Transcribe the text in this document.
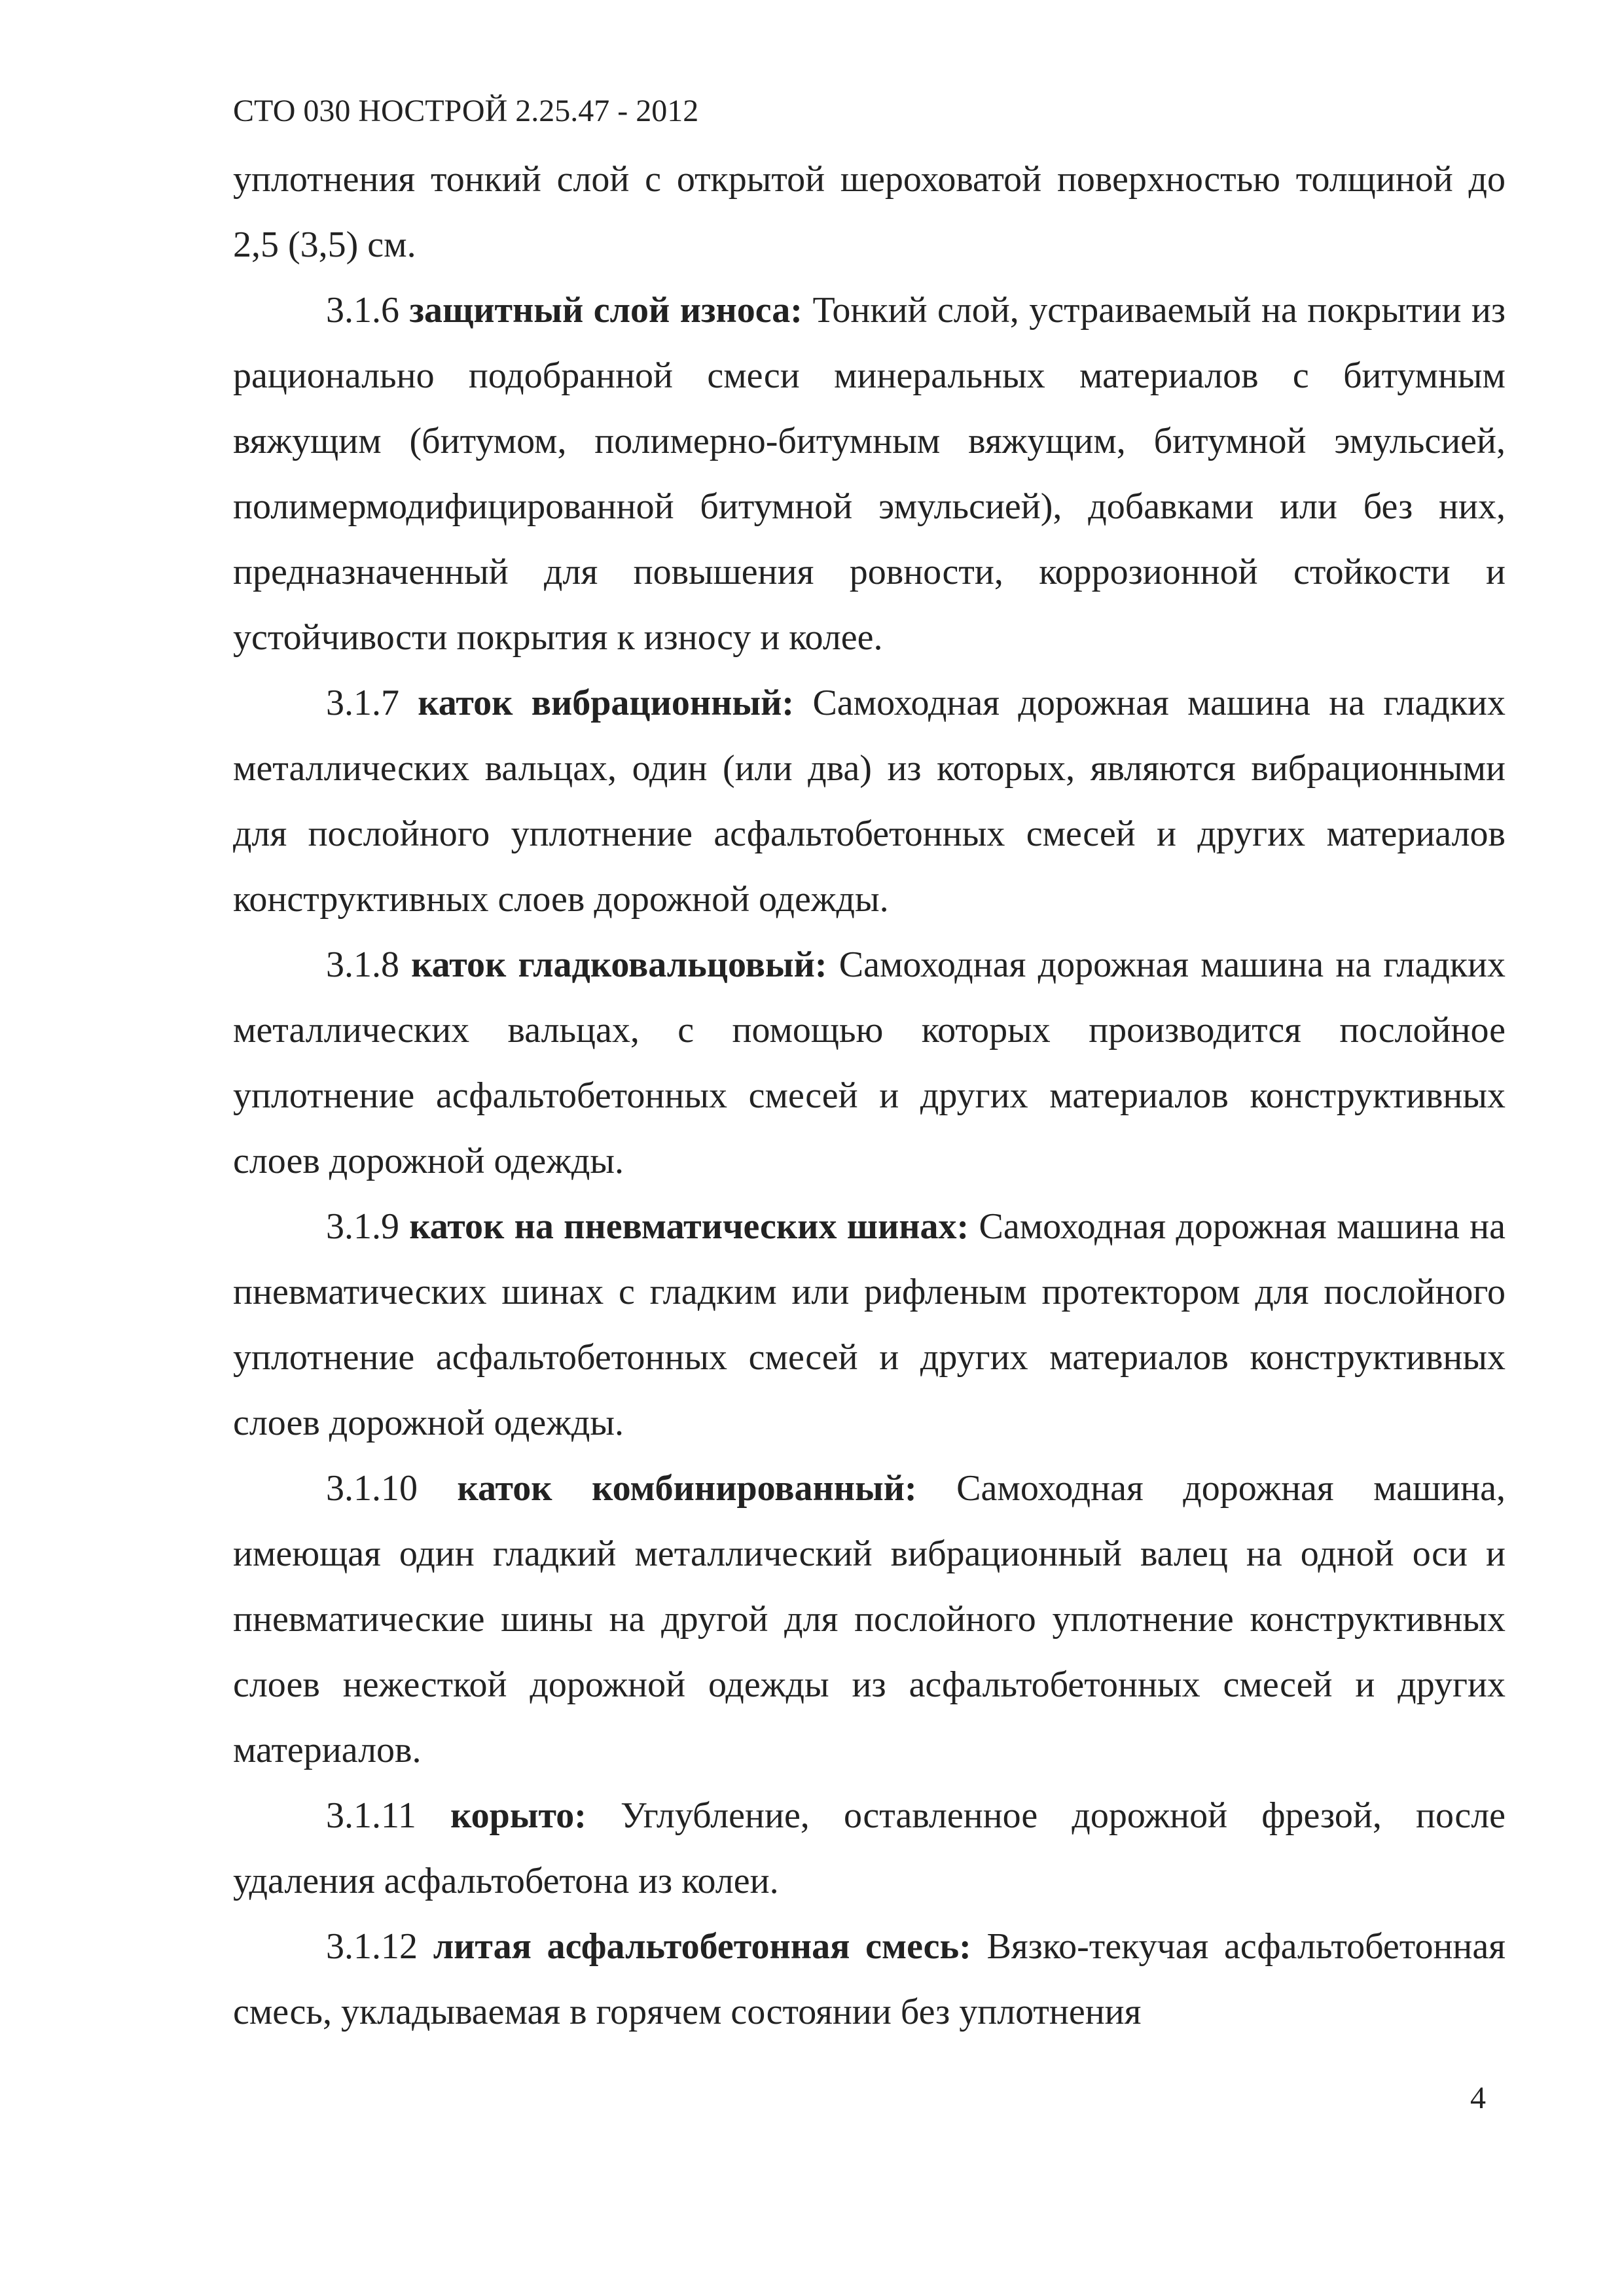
СТО 030 НОСТРОЙ 2.25.47 - 2012

уплотнения тонкий слой с открытой шероховатой поверхностью толщиной до 2,5 (3,5) см.

3.1.6 защитный слой износа: Тонкий слой, устраиваемый на покрытии из рационально подобранной смеси минеральных материалов с битумным вяжущим (битумом, полимерно-битумным вяжущим, битумной эмульсией, полимермодифицированной битумной эмульсией), добавками или без них, предназначенный для повышения ровности, коррозионной стойкости и устойчивости покрытия к износу и колее.

3.1.7 каток вибрационный: Самоходная дорожная машина на гладких металлических вальцах, один (или два) из которых, являются вибрационными для послойного уплотнение асфальтобетонных смесей и других материалов конструктивных слоев дорожной одежды.

3.1.8 каток гладковальцовый: Самоходная дорожная машина на гладких металлических вальцах, с помощью которых производится послойное уплотнение асфальтобетонных смесей и других материалов конструктивных слоев дорожной одежды.

3.1.9 каток на пневматических шинах: Самоходная дорожная машина на пневматических шинах с гладким или рифленым протектором для послойного уплотнение асфальтобетонных смесей и других материалов конструктивных слоев дорожной одежды.

3.1.10 каток комбинированный: Самоходная дорожная машина, имеющая один гладкий металлический вибрационный валец на одной оси и пневматические шины на другой для послойного уплотнение конструктивных слоев нежесткой дорожной одежды из асфальтобетонных смесей и других материалов.

3.1.11 корыто: Углубление, оставленное дорожной фрезой, после удаления асфальтобетона из колеи.

3.1.12 литая асфальтобетонная смесь: Вязко-текучая асфальтобетонная смесь, укладываемая в горячем состоянии без уплотнения

4
